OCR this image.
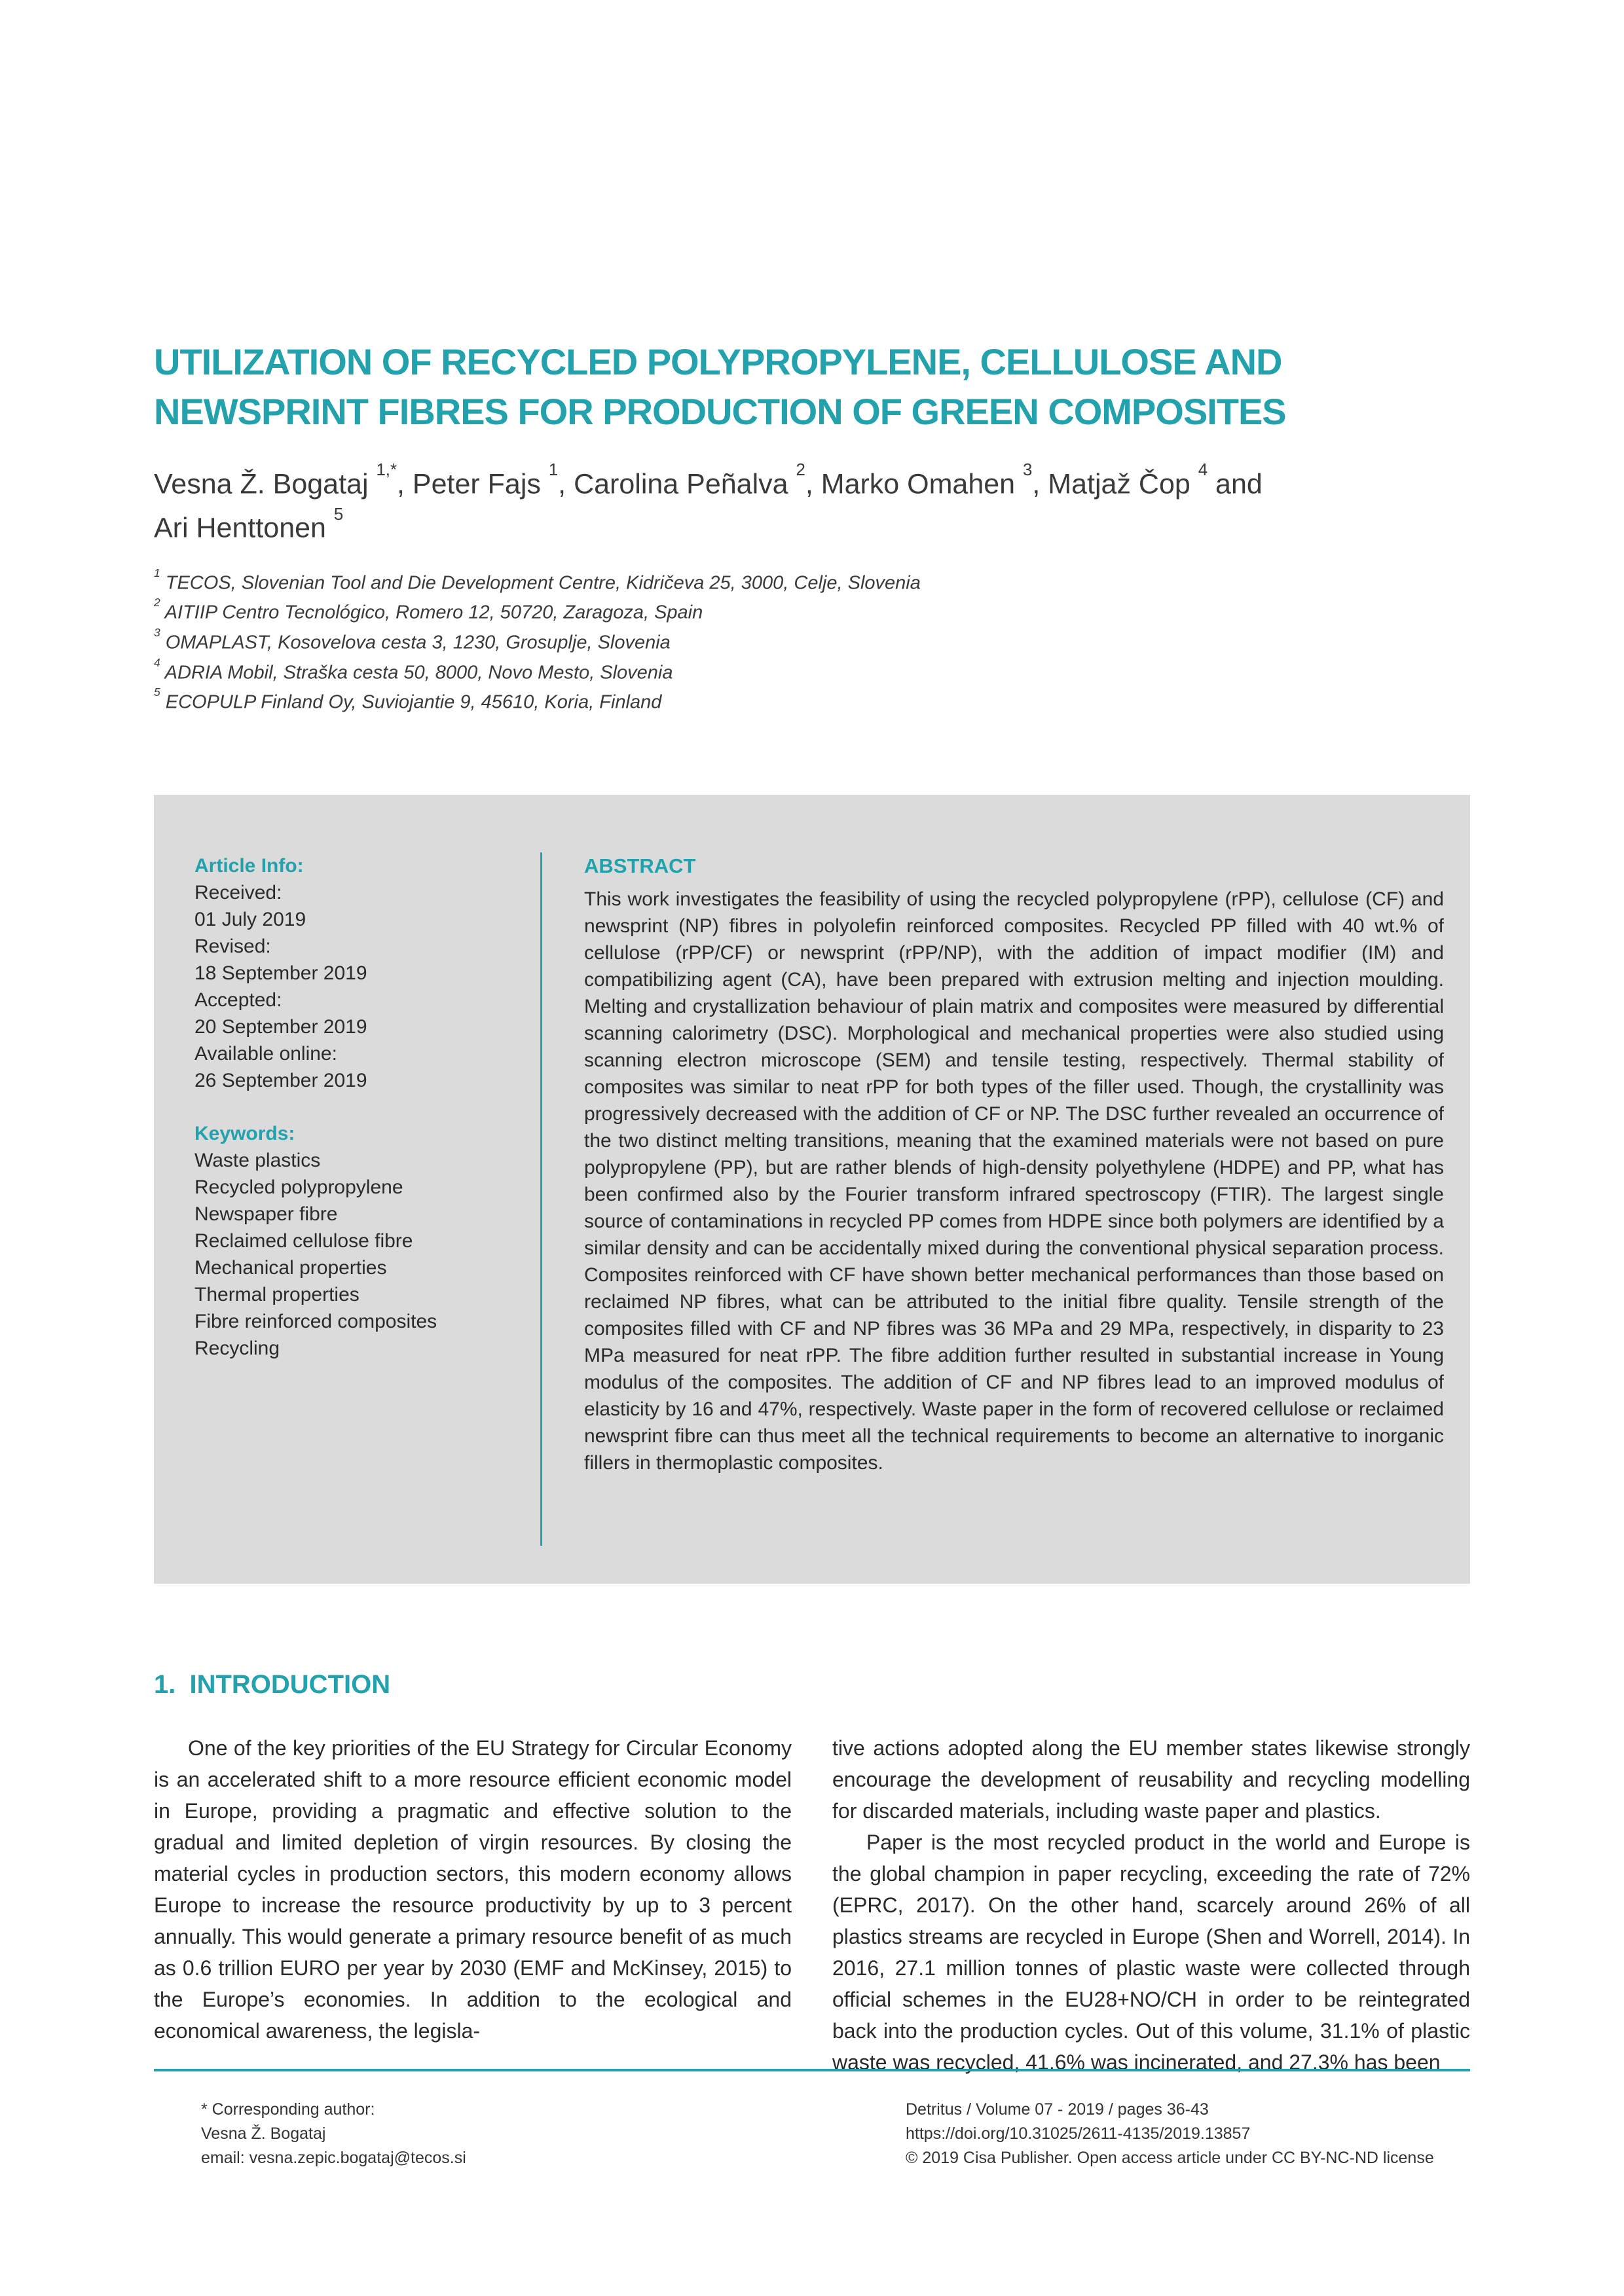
UTILIZATION OF RECYCLED POLYPROPYLENE, CELLULOSE AND
NEWSPRINT FIBRES FOR PRODUCTION OF GREEN COMPOSITES
Vesna Ž. Bogataj $^{1,*}$, Peter Fajs $^1$, Carolina Peñalva $^2$, Marko Omahen $^3$, Matjaž Čop $^4$ and
Ari Henttonen $^5$
$^1$ TECOS, Slovenian Tool and Die Development Centre, Kidričeva 25, 3000, Celje, Slovenia
$^2$ AITIIP Centro Tecnológico, Romero 12, 50720, Zaragoza, Spain
$^3$ OMAPLAST, Kosovelova cesta 3, 1230, Grosuplje, Slovenia
$^4$ ADRIA Mobil, Straška cesta 50, 8000, Novo Mesto, Slovenia
$^5$ ECOPULP Finland Oy, Suviojantie 9, 45610, Koria, Finland
Article Info:
Received:
01 July 2019
Revised:
18 September 2019
Accepted:
20 September 2019
Available online:
26 September 2019
Keywords:
Waste plastics
Recycled polypropylene
Newspaper fibre
Reclaimed cellulose fibre
Mechanical properties
Thermal properties
Fibre reinforced composites
Recycling
ABSTRACT
This work investigates the feasibility of using the recycled polypropylene (rPP), cellulose (CF) and newsprint (NP) fibres in polyolefin reinforced composites. Recycled PP filled with 40 wt.% of cellulose (rPP/CF) or newsprint (rPP/NP), with the addition of impact modifier (IM) and compatibilizing agent (CA), have been prepared with extrusion melting and injection moulding. Melting and crystallization behaviour of plain matrix and composites were measured by differential scanning calorimetry (DSC). Morphological and mechanical properties were also studied using scanning electron microscope (SEM) and tensile testing, respectively. Thermal stability of composites was similar to neat rPP for both types of the filler used. Though, the crystallinity was progressively decreased with the addition of CF or NP. The DSC further revealed an occurrence of the two distinct melting transitions, meaning that the examined materials were not based on pure polypropylene (PP), but are rather blends of high-density polyethylene (HDPE) and PP, what has been confirmed also by the Fourier transform infrared spectroscopy (FTIR). The largest single source of contaminations in recycled PP comes from HDPE since both polymers are identified by a similar density and can be accidentally mixed during the conventional physical separation process. Composites reinforced with CF have shown better mechanical performances than those based on reclaimed NP fibres, what can be attributed to the initial fibre quality. Tensile strength of the composites filled with CF and NP fibres was 36 MPa and 29 MPa, respectively, in disparity to 23 MPa measured for neat rPP. The fibre addition further resulted in substantial increase in Young modulus of the composites. The addition of CF and NP fibres lead to an improved modulus of elasticity by 16 and 47%, respectively. Waste paper in the form of recovered cellulose or reclaimed newsprint fibre can thus meet all the technical requirements to become an alternative to inorganic fillers in thermoplastic composites.
1. INTRODUCTION

One of the key priorities of the EU Strategy for Circular Economy is an accelerated shift to a more resource efficient economic model in Europe, providing a pragmatic and effective solution to the gradual and limited depletion of virgin resources. By closing the material cycles in production sectors, this modern economy allows Europe to increase the resource productivity by up to 3 percent annually. This would generate a primary resource benefit of as much as 0.6 trillion EURO per year by 2030 (EMF and McKinsey, 2015) to the Europe’s economies. In addition to the ecological and economical awareness, the legisla-

tive actions adopted along the EU member states likewise strongly encourage the development of reusability and recycling modelling for discarded materials, including waste paper and plastics.

Paper is the most recycled product in the world and Europe is the global champion in paper recycling, exceeding the rate of 72% (EPRC, 2017). On the other hand, scarcely around 26% of all plastics streams are recycled in Europe (Shen and Worrell, 2014). In 2016, 27.1 million tonnes of plastic waste were collected through official schemes in the EU28+NO/CH in order to be reintegrated back into the production cycles. Out of this volume, 31.1% of plastic waste was recycled, 41.6% was incinerated, and 27.3% has been

* Corresponding author:
Vesna Ž. Bogataj
email: vesna.zepic.bogataj@tecos.si
Detritus / Volume 07 - 2019 / pages 36-43
https://doi.org/10.31025/2611-4135/2019.13857
© 2019 Cisa Publisher. Open access article under CC BY-NC-ND license
